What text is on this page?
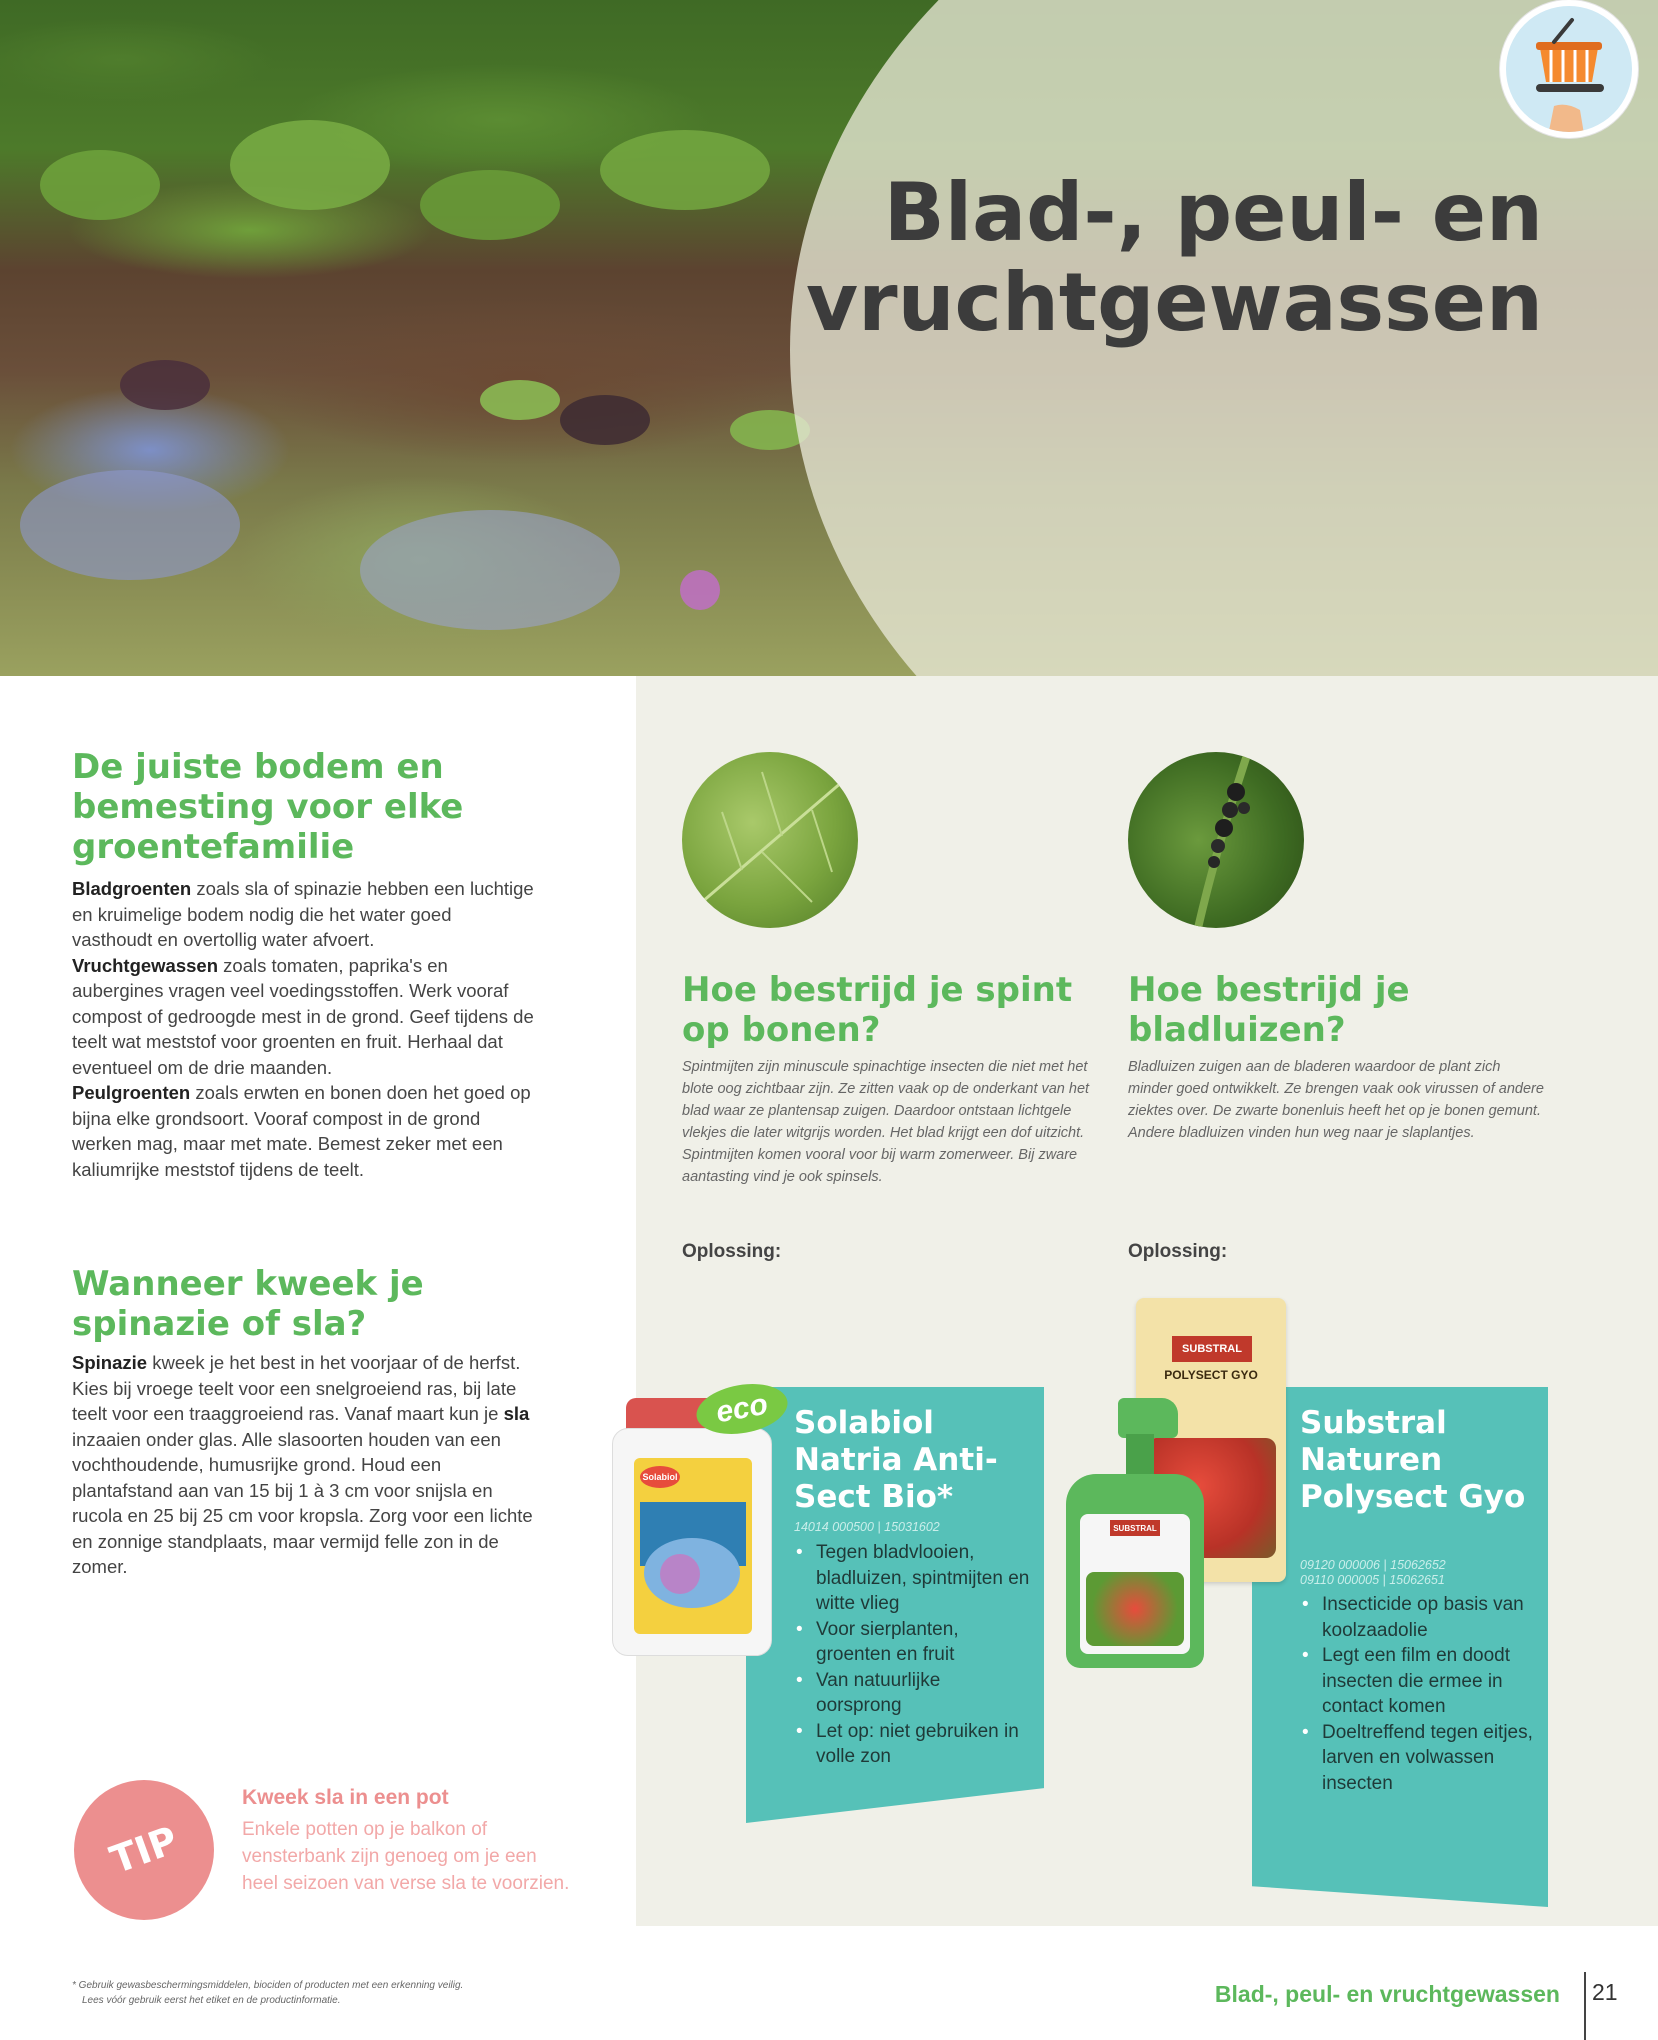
Blad-, peul- en
vruchtgewassen
De juiste bodem en bemesting voor elke groentefamilie

Bladgroenten zoals sla of spinazie hebben een luchtige en kruimelige bodem nodig die het water goed vasthoudt en overtollig water afvoert.

Vruchtgewassen zoals tomaten, paprika's en aubergines vragen veel voedingsstoffen. Werk vooraf compost of gedroogde mest in de grond. Geef tijdens de teelt wat meststof voor groenten en fruit. Herhaal dat eventueel om de drie maanden.

Peulgroenten zoals erwten en bonen doen het goed op bijna elke grondsoort. Vooraf compost in de grond werken mag, maar met mate. Bemest zeker met een kaliumrijke meststof tijdens de teelt.

Wanneer kweek je spinazie of sla?

Spinazie kweek je het best in het voorjaar of de herfst. Kies bij vroege teelt voor een snelgroeiend ras, bij late teelt voor een traaggroeiend ras. Vanaf maart kun je sla inzaaien onder glas. Alle slasoorten houden van een vochthoudende, humusrijke grond. Houd een plantafstand aan van 15 bij 1 à 3 cm voor snijsla en rucola en 25 bij 25 cm voor kropsla. Zorg voor een lichte en zonnige standplaats, maar vermijd felle zon in de zomer.

TIP

Kweek sla in een pot

Enkele potten op je balkon of vensterbank zijn genoeg om je een heel seizoen van verse sla te voorzien.

Hoe bestrijd je spint op bonen?

Spintmijten zijn minuscule spinachtige insecten die niet met het blote oog zichtbaar zijn. Ze zitten vaak op de onderkant van het blad waar ze plantensap zuigen. Daardoor ontstaan lichtgele vlekjes die later witgrijs worden. Het blad krijgt een dof uitzicht. Spintmijten komen vooral voor bij warm zomerweer. Bij zware aantasting vind je ook spinsels.

Oplossing:

Hoe bestrijd je bladluizen?

Bladluizen zuigen aan de bladeren waardoor de plant zich minder goed ontwikkelt. Ze brengen vaak ook virussen of andere ziektes over. De zwarte bonenluis heeft het op je bonen gemunt. Andere bladluizen vinden hun weg naar je slaplantjes.

Oplossing:

Solabiol
eco Solabiol Natria Anti-Sect Bio*

14014 000500 | 15031602

• Tegen bladvlooien, bladluizen, spintmijten en witte vlieg
• Voor sierplanten, groenten en fruit
• Van natuurlijke oorsprong
• Let op: niet gebruiken in volle zon
SUBSTRAL
POLYSECT GYO
SUBSTRAL
Substral Naturen Polysect Gyo

09120 000006 | 15062652
09110 000005 | 15062651

• Insecticide op basis van koolzaadolie
• Legt een film en doodt insecten die ermee in contact komen
• Doeltreffend tegen eitjes, larven en volwassen insecten

* Gebruik gewasbeschermingsmiddelen, biociden of producten met een erkenning veilig.
Lees vóór gebruik eerst het etiket en de productinformatie.	Blad-, peul- en vruchtgewassen 21
